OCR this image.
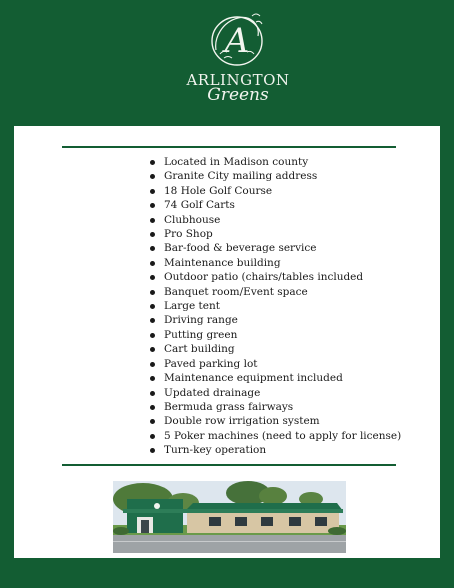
A
ARLINGTON
Greens
Located in Madison county
Granite City mailing address
18 Hole Golf Course
74 Golf Carts
Clubhouse
Pro Shop
Bar-food & beverage service
Maintenance building
Outdoor patio (chairs/tables included
Banquet room/Event space
Large tent
Driving range
Putting green
Cart building
Paved parking lot
Maintenance equipment included
Updated drainage
Bermuda grass fairways
Double row irrigation system
5 Poker machines (need to apply for license)
Turn-key operation
